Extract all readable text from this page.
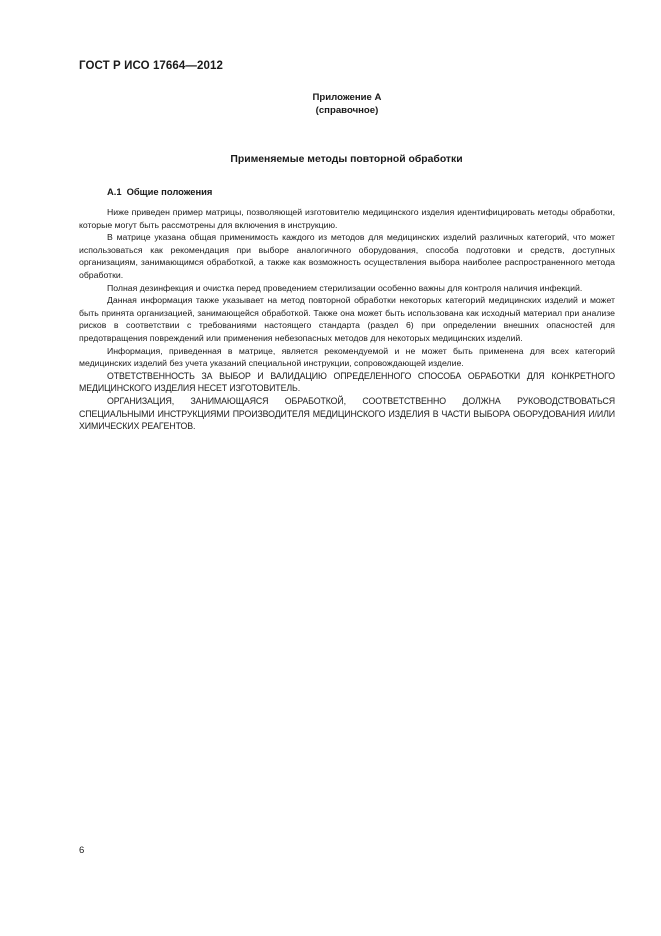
ГОСТ Р ИСО 17664—2012
Приложение А
(справочное)
Применяемые методы повторной обработки
А.1 Общие положения

Ниже приведен пример матрицы, позволяющей изготовителю медицинского изделия идентифицировать методы обработки, которые могут быть рассмотрены для включения в инструкцию.

В матрице указана общая применимость каждого из методов для медицинских изделий различных категорий, что может использоваться как рекомендация при выборе аналогичного оборудования, способа подготовки и средств, доступных организациям, занимающимся обработкой, а также как возможность осуществления выбора наиболее распространенного метода обработки.

Полная дезинфекция и очистка перед проведением стерилизации особенно важны для контроля наличия инфекций.

Данная информация также указывает на метод повторной обработки некоторых категорий медицинских изделий и может быть принята организацией, занимающейся обработкой. Также она может быть использована как исходный материал при анализе рисков в соответствии с требованиями настоящего стандарта (раздел 6) при определении внешних опасностей для предотвращения повреждений или применения небезопасных методов для некоторых медицинских изделий.

Информация, приведенная в матрице, является рекомендуемой и не может быть применена для всех категорий медицинских изделий без учета указаний специальной инструкции, сопровождающей изделие.

ОТВЕТСТВЕННОСТЬ ЗА ВЫБОР И ВАЛИДАЦИЮ ОПРЕДЕЛЕННОГО СПОСОБА ОБРАБОТКИ ДЛЯ КОНКРЕТНОГО МЕДИЦИНСКОГО ИЗДЕЛИЯ НЕСЕТ ИЗГОТОВИТЕЛЬ.

ОРГАНИЗАЦИЯ, ЗАНИМАЮЩАЯСЯ ОБРАБОТКОЙ, СООТВЕТСТВЕННО ДОЛЖНА РУКОВОДСТВОВАТЬСЯ СПЕЦИАЛЬНЫМИ ИНСТРУКЦИЯМИ ПРОИЗВОДИТЕЛЯ МЕДИЦИНСКОГО ИЗДЕЛИЯ В ЧАСТИ ВЫБОРА ОБОРУДОВАНИЯ И/ИЛИ ХИМИЧЕСКИХ РЕАГЕНТОВ.

6
